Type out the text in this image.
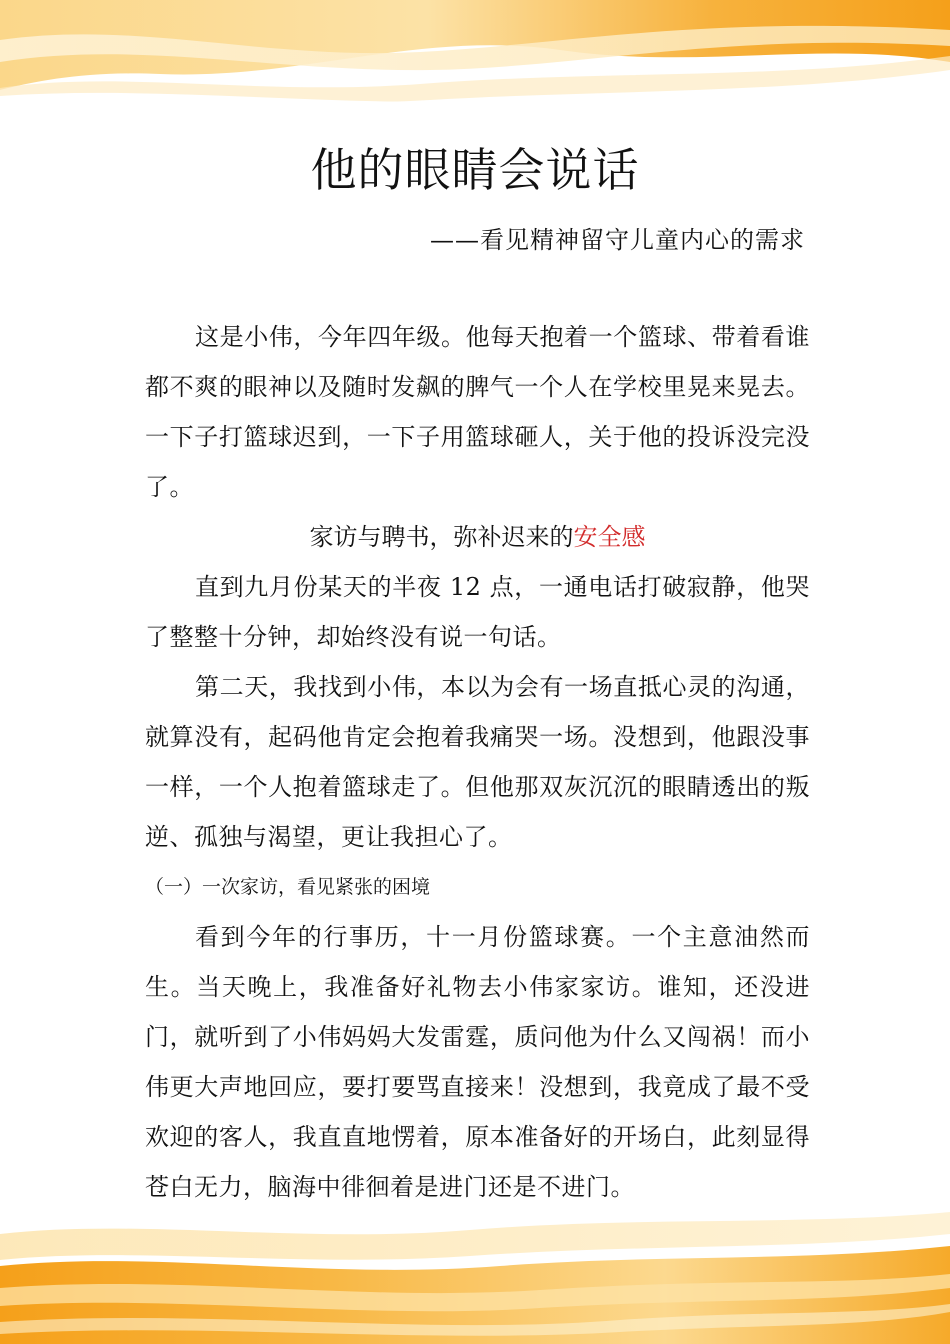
他的眼睛会说话

——看见精神留守儿童内心的需求

这是小伟，今年四年级。他每天抱着一个篮球、带着看谁都不爽的眼神以及随时发飙的脾气一个人在学校里晃来晃去。一下子打篮球迟到，一下子用篮球砸人，关于他的投诉没完没了。

家访与聘书，弥补迟来的安全感

直到九月份某天的半夜 12 点，一通电话打破寂静，他哭了整整十分钟，却始终没有说一句话。

第二天，我找到小伟，本以为会有一场直抵心灵的沟通，就算没有，起码他肯定会抱着我痛哭一场。没想到，他跟没事一样，一个人抱着篮球走了。但他那双灰沉沉的眼睛透出的叛逆、孤独与渴望，更让我担心了。

（一）一次家访，看见紧张的困境

看到今年的行事历，十一月份篮球赛。一个主意油然而生。当天晚上，我准备好礼物去小伟家家访。谁知，还没进门，就听到了小伟妈妈大发雷霆，质问他为什么又闯祸！而小伟更大声地回应，要打要骂直接来！没想到，我竟成了最不受欢迎的客人，我直直地愣着，原本准备好的开场白，此刻显得苍白无力，脑海中徘徊着是进门还是不进门。
